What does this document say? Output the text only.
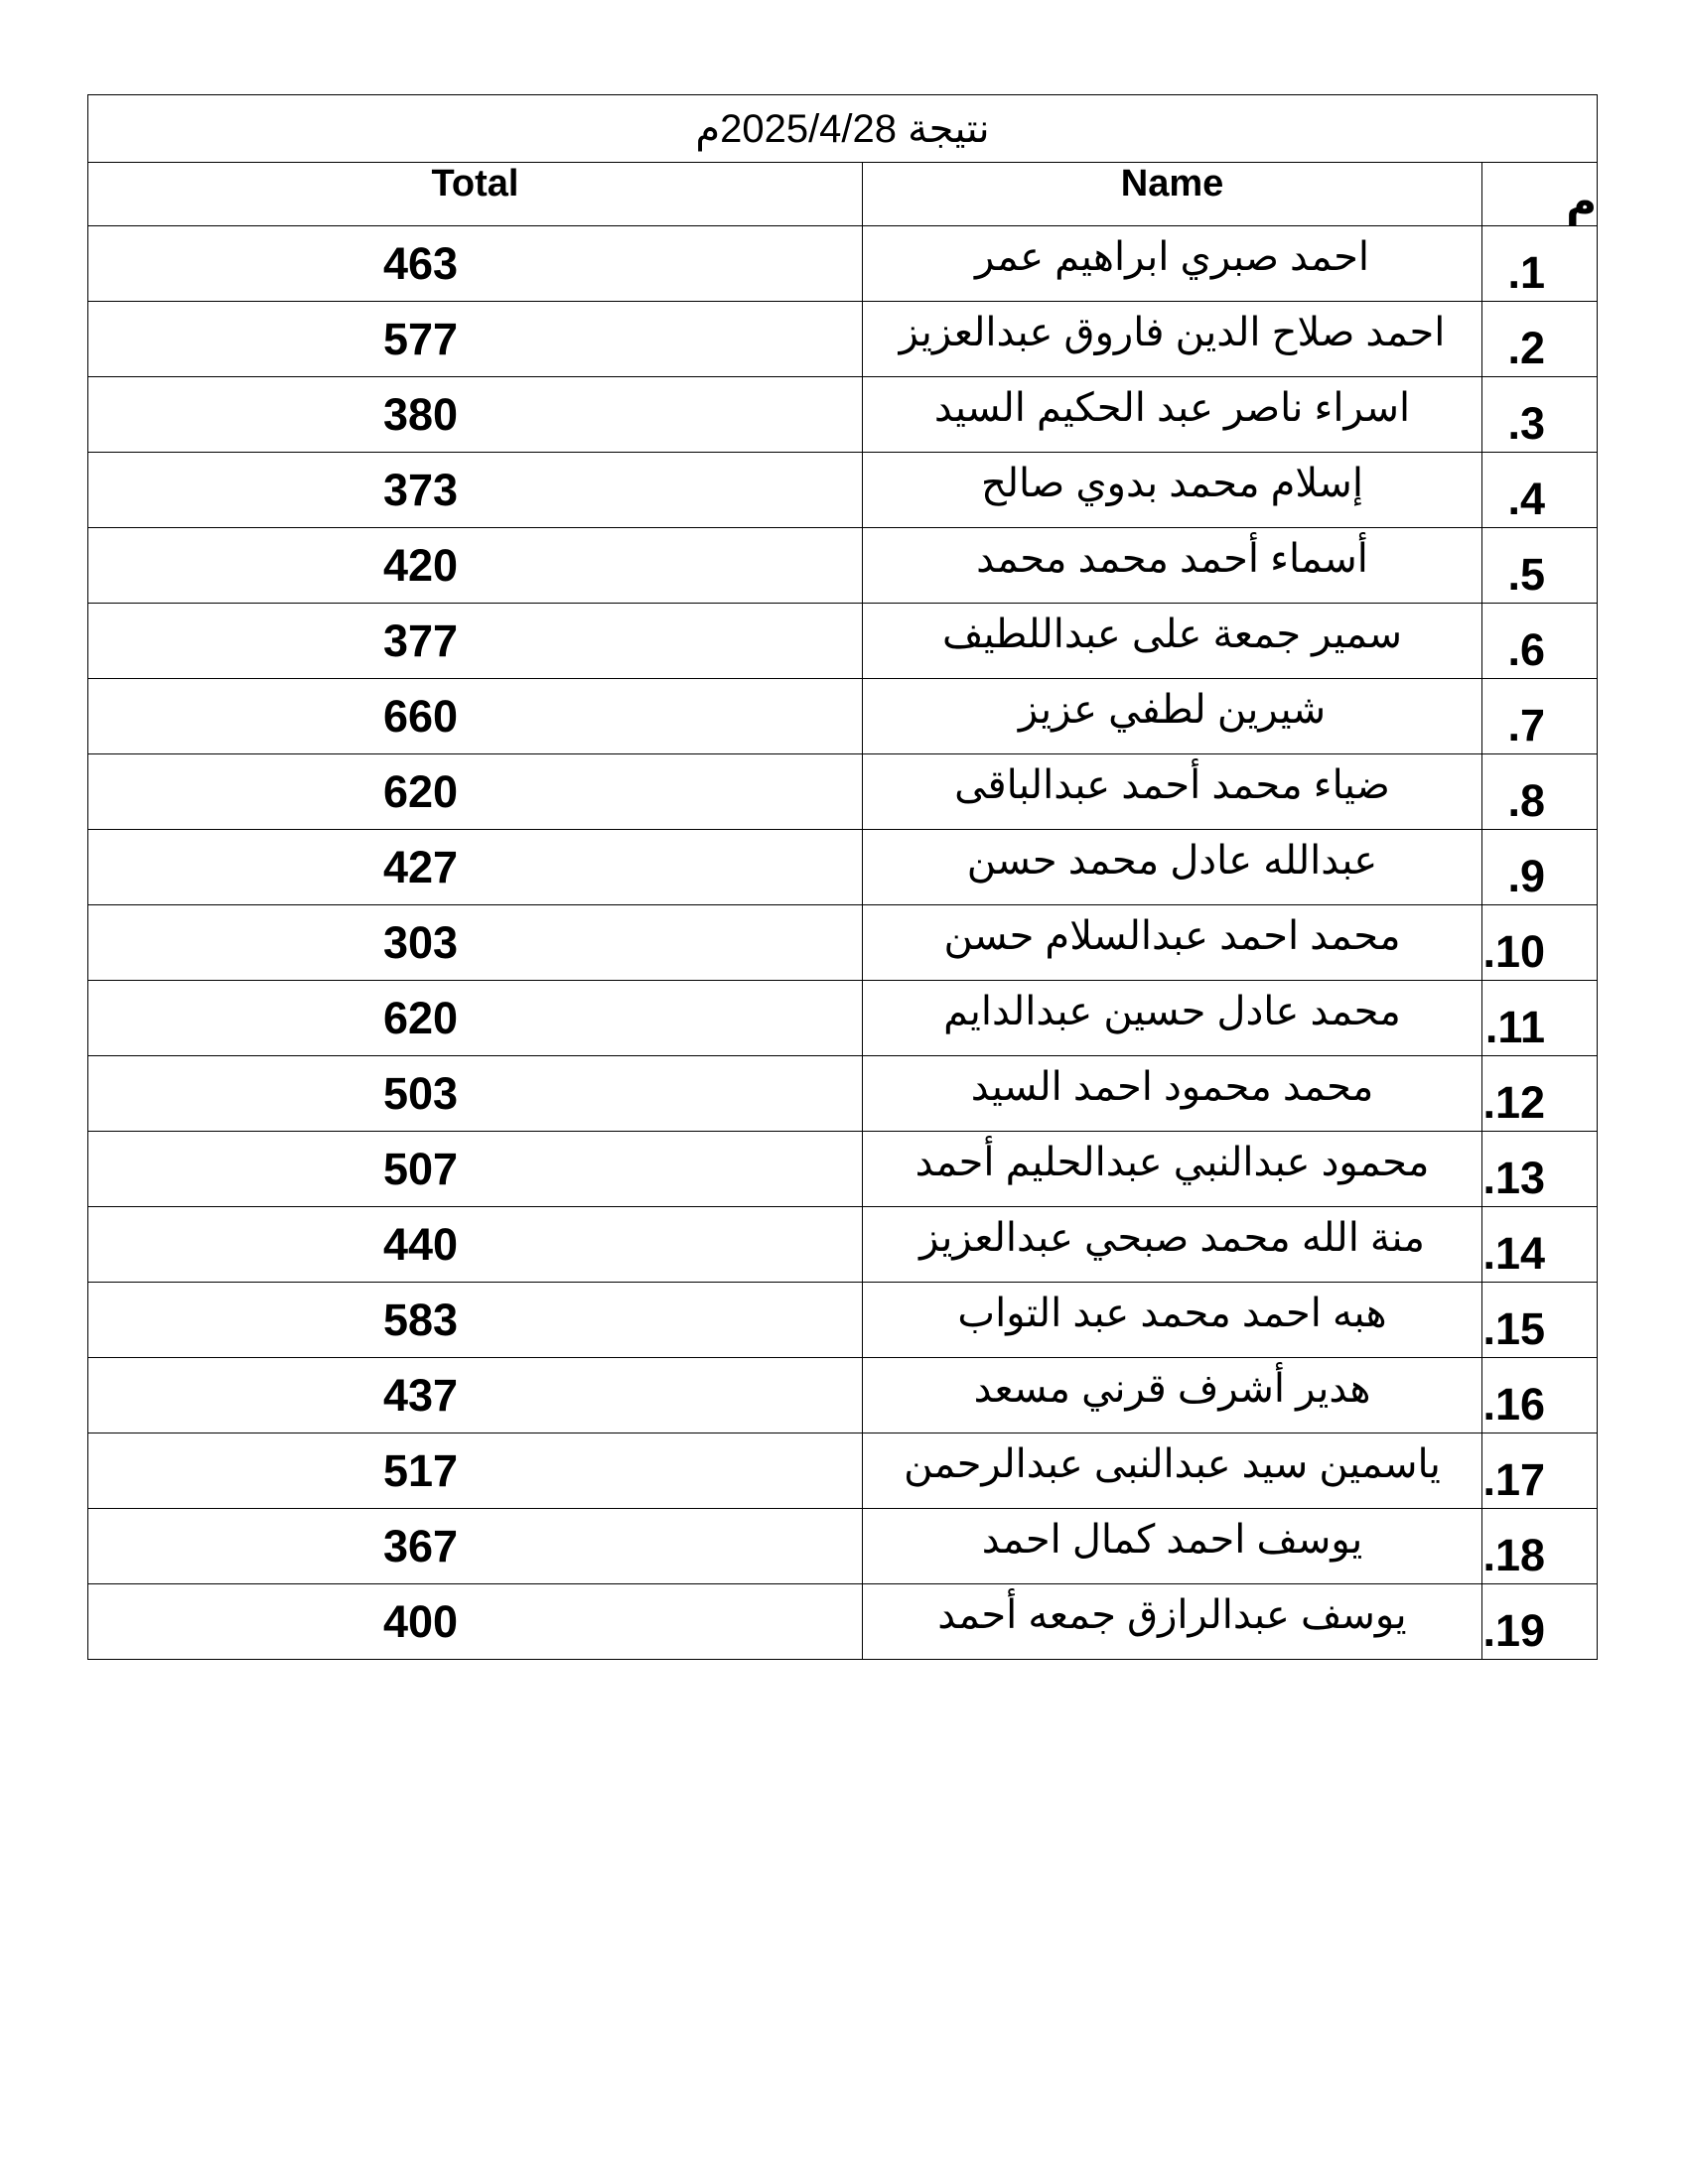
نتيجة 2025/4/28م		
Total	Name	م
463	احمد صبري ابراهيم عمر	.1
577	احمد صلاح الدين فاروق عبدالعزيز	.2
380	اسراء ناصر عبد الحكيم السيد	.3
373	إسلام محمد بدوي صالح	.4
420	أسماء أحمد محمد محمد	.5
377	سمير جمعة على عبداللطيف	.6
660	شيرين لطفي عزيز	.7
620	ضياء محمد أحمد عبدالباقى	.8
427	عبدالله عادل محمد حسن	.9
303	محمد احمد عبدالسلام حسن	.10
620	محمد عادل حسين عبدالدايم	.11
503	محمد محمود احمد السيد	.12
507	محمود عبدالنبي عبدالحليم أحمد	.13
440	منة الله محمد صبحي عبدالعزيز	.14
583	هبه احمد محمد عبد التواب	.15
437	هدير أشرف قرني مسعد	.16
517	ياسمين سيد عبدالنبى عبدالرحمن	.17
367	يوسف احمد كمال احمد	.18
400	يوسف عبدالرازق جمعه أحمد	.19
